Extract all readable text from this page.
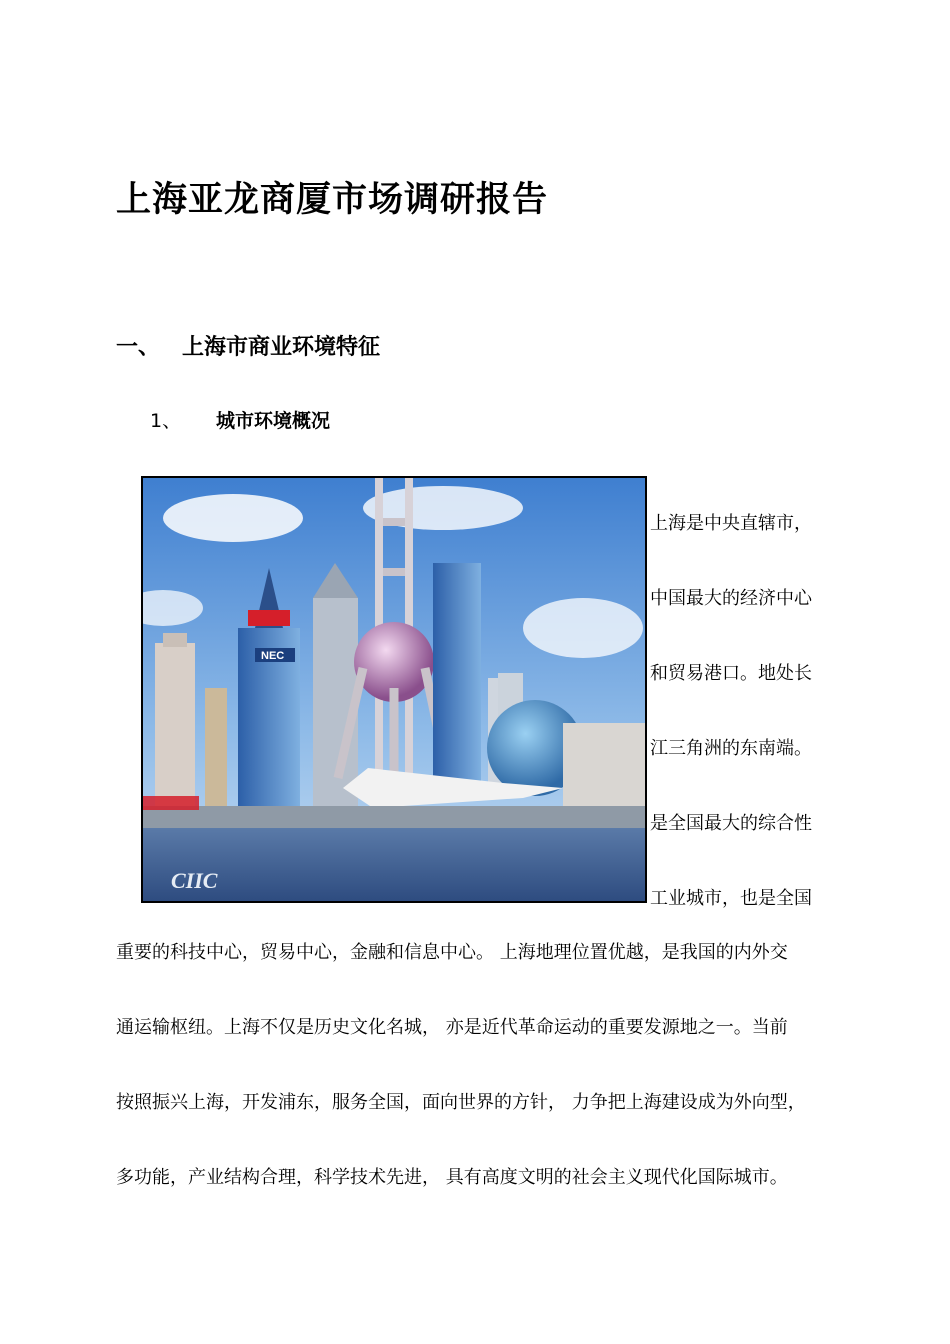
上海亚龙商厦市场调研报告
一、 上海市商业环境特征
1、 城市环境概况
NEC
CIIC
上海是中央直辖市，
中国最大的经济中心
和贸易港口。地处长
江三角洲的东南端。
是全国最大的综合性
工业城市，也是全国
重要的科技中心，贸易中心，金融和信息中心。 上海地理位置优越，是我国的内外交
通运输枢纽。上海不仅是历史文化名城， 亦是近代革命运动的重要发源地之一。当前
按照振兴上海，开发浦东，服务全国，面向世界的方针， 力争把上海建设成为外向型，
多功能，产业结构合理，科学技术先进， 具有高度文明的社会主义现代化国际城市。
